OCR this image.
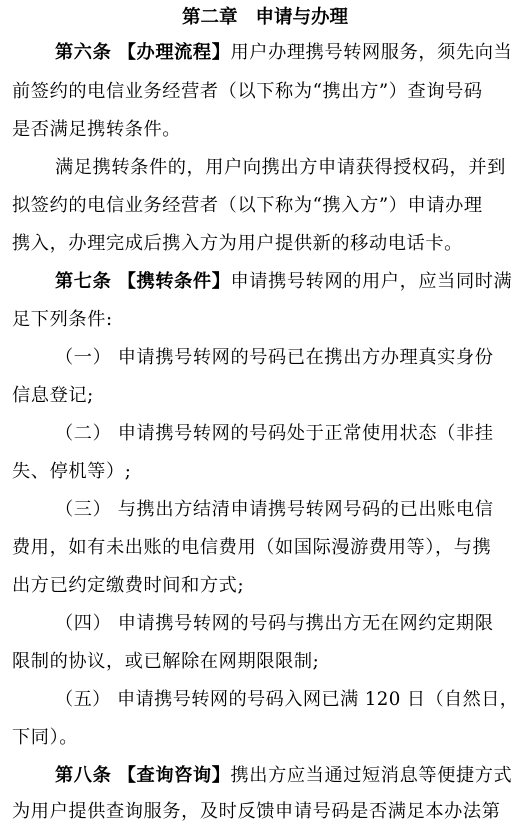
第二章 申请与办理
第六条 【办理流程】用户办理携号转网服务，须先向当
前签约的电信业务经营者（以下称为“携出方”）查询号码
是否满足携转条件。
满足携转条件的，用户向携出方申请获得授权码，并到
拟签约的电信业务经营者（以下称为“携入方”）申请办理
携入，办理完成后携入方为用户提供新的移动电话卡。
第七条 【携转条件】申请携号转网的用户，应当同时满
足下列条件:
（一） 申请携号转网的号码已在携出方办理真实身份
信息登记;
（二） 申请携号转网的号码处于正常使用状态（非挂
失、停机等）;
（三） 与携出方结清申请携号转网号码的已出账电信
费用，如有未出账的电信费用（如国际漫游费用等），与携
出方已约定缴费时间和方式;
（四） 申请携号转网的号码与携出方无在网约定期限
限制的协议，或已解除在网期限限制;
（五） 申请携号转网的号码入网已满 120 日（自然日，
下同）。
第八条 【查询咨询】携出方应当通过短消息等便捷方式
为用户提供查询服务，及时反馈申请号码是否满足本办法第
